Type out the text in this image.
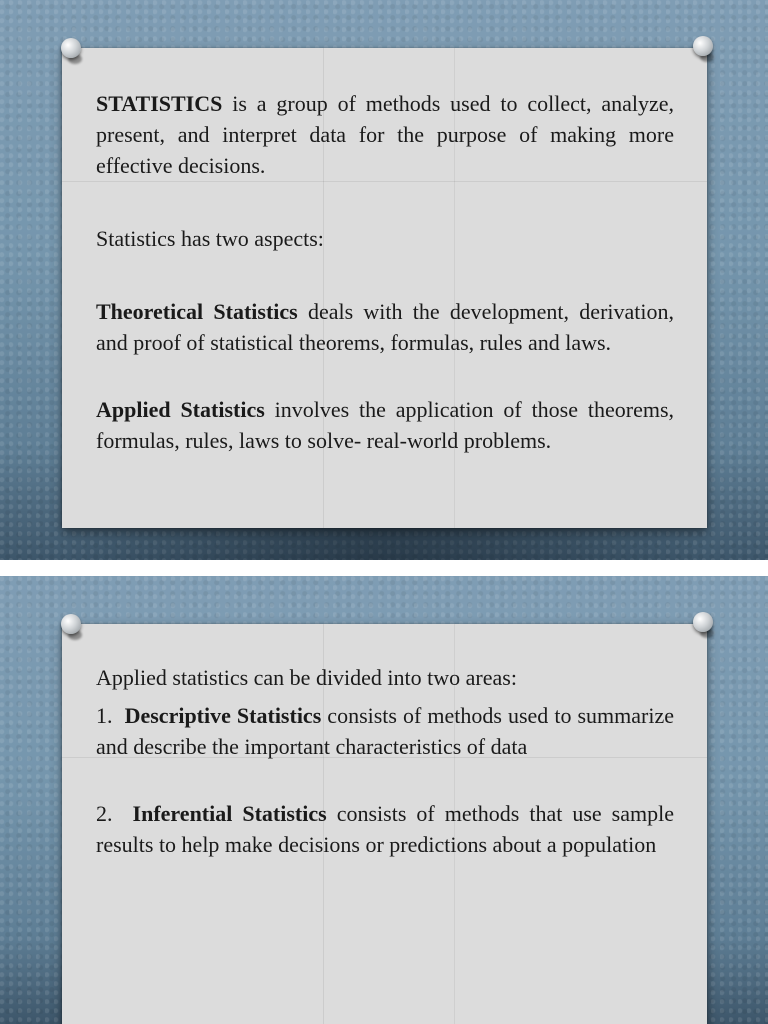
STATISTICS is a group of methods used to collect, analyze, present, and interpret data for the purpose of making more effective decisions.

Statistics has two aspects:

Theoretical Statistics deals with the development, derivation, and proof of statistical theorems, formulas, rules and laws.

Applied Statistics involves the application of those theorems, formulas, rules, laws to solve- real-world problems.

Applied statistics can be divided into two areas:

1.  Descriptive Statistics consists of methods used to summarize and describe the important characteristics of data

2.  Inferential Statistics consists of methods that use sample results to help make decisions or predictions about a population
